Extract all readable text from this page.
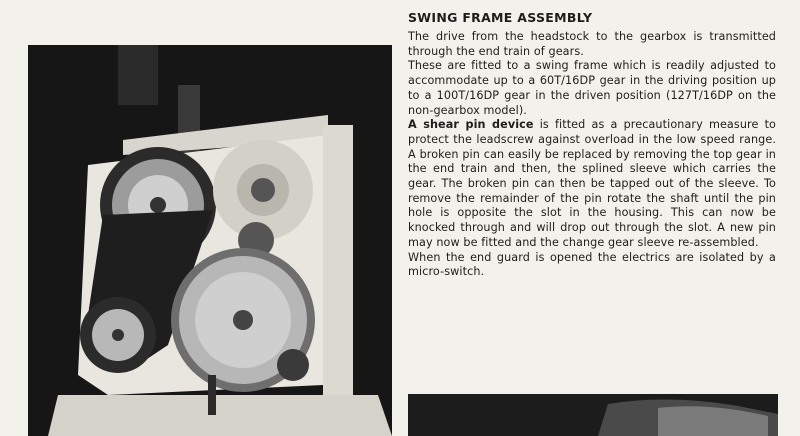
SWING FRAME ASSEMBLY

The drive from the headstock to the gearbox is transmitted through the end train of gears.

These are fitted to a swing frame which is readily adjusted to accommodate up to a 60T/16DP gear in the driving position up to a 100T/16DP gear in the driven position (127T/16DP on the non-gearbox model).

A shear pin device is fitted as a precautionary measure to protect the leadscrew against overload in the low speed range. A broken pin can easily be replaced by removing the top gear in the end train and then, the splined sleeve which carries the gear. The broken pin can then be tapped out of the sleeve. To remove the remainder of the pin rotate the shaft until the pin hole is opposite the slot in the housing. This can now be knocked through and will drop out through the slot. A new pin may now be fitted and the change gear sleeve re-assembled.

When the end guard is opened the electrics are isolated by a micro-switch.
